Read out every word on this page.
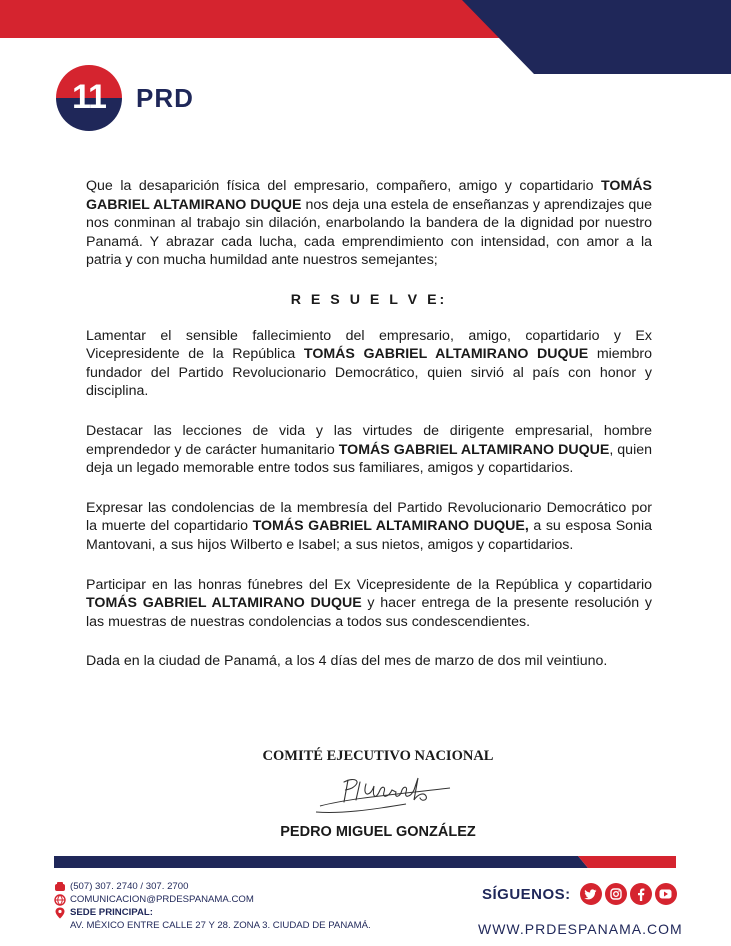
11	PRD

Que la desaparición física del empresario, compañero, amigo y copartidario TOMÁS GABRIEL ALTAMIRANO DUQUE nos deja una estela de enseñanzas y aprendizajes que nos conminan al trabajo sin dilación, enarbolando la bandera de la dignidad por nuestro Panamá. Y abrazar cada lucha, cada emprendimiento con intensidad, con amor a la patria y con mucha humildad ante nuestros semejantes;

R E S U E L V E:

Lamentar el sensible fallecimiento del empresario, amigo, copartidario y Ex Vicepresidente de la República TOMÁS GABRIEL ALTAMIRANO DUQUE miembro fundador del Partido Revolucionario Democrático, quien sirvió al país con honor y disciplina.

Destacar las lecciones de vida y las virtudes de dirigente empresarial, hombre emprendedor y de carácter humanitario TOMÁS GABRIEL ALTAMIRANO DUQUE, quien deja un legado memorable entre todos sus familiares, amigos y copartidarios.

Expresar las condolencias de la membresía del Partido Revolucionario Democrático por la muerte del copartidario TOMÁS GABRIEL ALTAMIRANO DUQUE, a su esposa Sonia Mantovani, a sus hijos Wilberto e Isabel; a sus nietos, amigos y copartidarios.

Participar en las honras fúnebres del Ex Vicepresidente de la República y copartidario TOMÁS GABRIEL ALTAMIRANO DUQUE y hacer entrega de la presente resolución y las muestras de nuestras condolencias a todos sus condescendientes.

Dada en la ciudad de Panamá, a los 4 días del mes de marzo de dos mil veintiuno.

COMITÉ EJECUTIVO NACIONAL
PEDRO MIGUEL GONZÁLEZ
(507) 307. 2740 / 307. 2700
COMUNICACION@PRDESPANAMA.COM
SEDE PRINCIPAL:
AV. MÉXICO ENTRE CALLE 27 Y 28. ZONA 3. CIUDAD DE PANAMÁ.
SÍGUENOS:
WWW.PRDESPANAMA.COM
